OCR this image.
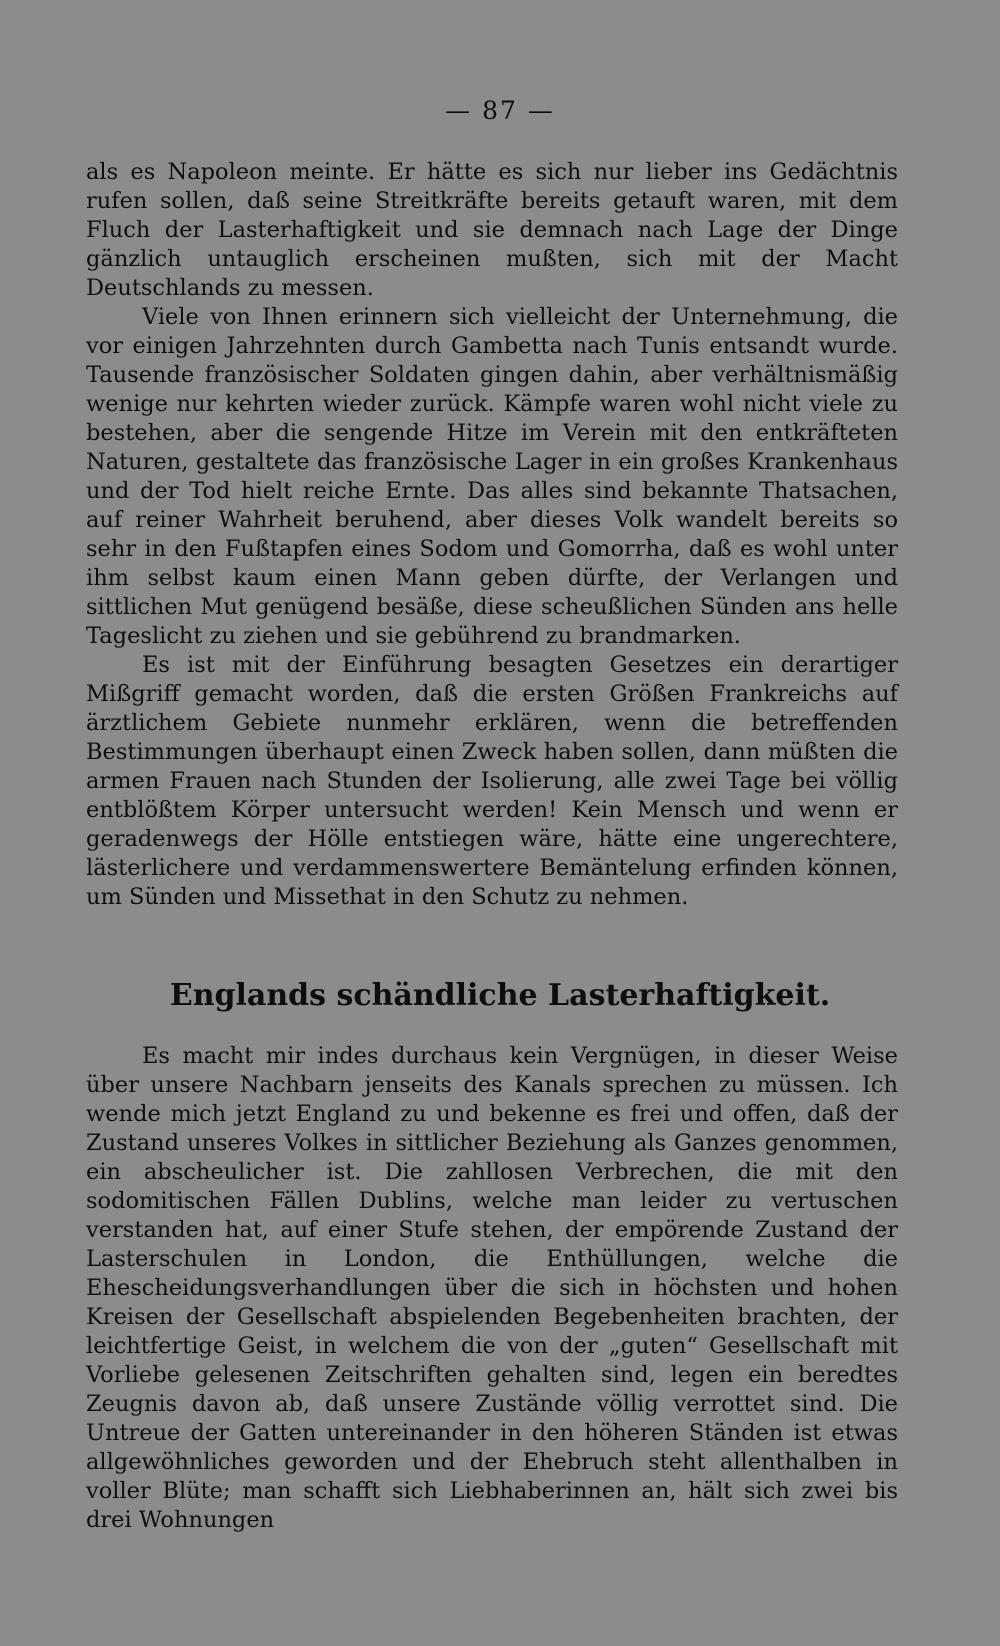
— 87 —

als es Napoleon meinte. Er hätte es sich nur lieber ins Gedächtnis rufen sollen, daß seine Streitkräfte bereits getauft waren, mit dem Fluch der Lasterhaftigkeit und sie demnach nach Lage der Dinge gänzlich untauglich erscheinen mußten, sich mit der Macht Deutschlands zu messen.

Viele von Ihnen erinnern sich vielleicht der Unternehmung, die vor einigen Jahrzehnten durch Gambetta nach Tunis entsandt wurde. Tausende französischer Soldaten gingen dahin, aber verhältnismäßig wenige nur kehrten wieder zurück. Kämpfe waren wohl nicht viele zu bestehen, aber die sengende Hitze im Verein mit den entkräfteten Naturen, gestaltete das französische Lager in ein großes Krankenhaus und der Tod hielt reiche Ernte. Das alles sind bekannte Thatsachen, auf reiner Wahrheit beruhend, aber dieses Volk wandelt bereits so sehr in den Fußtapfen eines Sodom und Gomorrha, daß es wohl unter ihm selbst kaum einen Mann geben dürfte, der Verlangen und sittlichen Mut genügend besäße, diese scheußlichen Sünden ans helle Tageslicht zu ziehen und sie gebührend zu brandmarken.

Es ist mit der Einführung besagten Gesetzes ein derartiger Mißgriff gemacht worden, daß die ersten Größen Frankreichs auf ärztlichem Gebiete nunmehr erklären, wenn die betreffenden Bestimmungen überhaupt einen Zweck haben sollen, dann müßten die armen Frauen nach Stunden der Isolierung, alle zwei Tage bei völlig entblößtem Körper untersucht werden! Kein Mensch und wenn er geradenwegs der Hölle entstiegen wäre, hätte eine ungerechtere, lästerlichere und verdammenswertere Bemäntelung erfinden können, um Sünden und Missethat in den Schutz zu nehmen.

Englands schändliche Lasterhaftigkeit.

Es macht mir indes durchaus kein Vergnügen, in dieser Weise über unsere Nachbarn jenseits des Kanals sprechen zu müssen. Ich wende mich jetzt England zu und bekenne es frei und offen, daß der Zustand unseres Volkes in sittlicher Beziehung als Ganzes genommen, ein abscheulicher ist. Die zahllosen Verbrechen, die mit den sodomitischen Fällen Dublins, welche man leider zu vertuschen verstanden hat, auf einer Stufe stehen, der empörende Zustand der Lasterschulen in London, die Enthüllungen, welche die Ehescheidungsverhandlungen über die sich in höchsten und hohen Kreisen der Gesellschaft abspielenden Begebenheiten brachten, der leichtfertige Geist, in welchem die von der „guten“ Gesellschaft mit Vorliebe gelesenen Zeitschriften gehalten sind, legen ein beredtes Zeugnis davon ab, daß unsere Zustände völlig verrottet sind. Die Untreue der Gatten untereinander in den höheren Ständen ist etwas allgewöhnliches geworden und der Ehebruch steht allenthalben in voller Blüte; man schafft sich Liebhaberinnen an, hält sich zwei bis drei Wohnungen
